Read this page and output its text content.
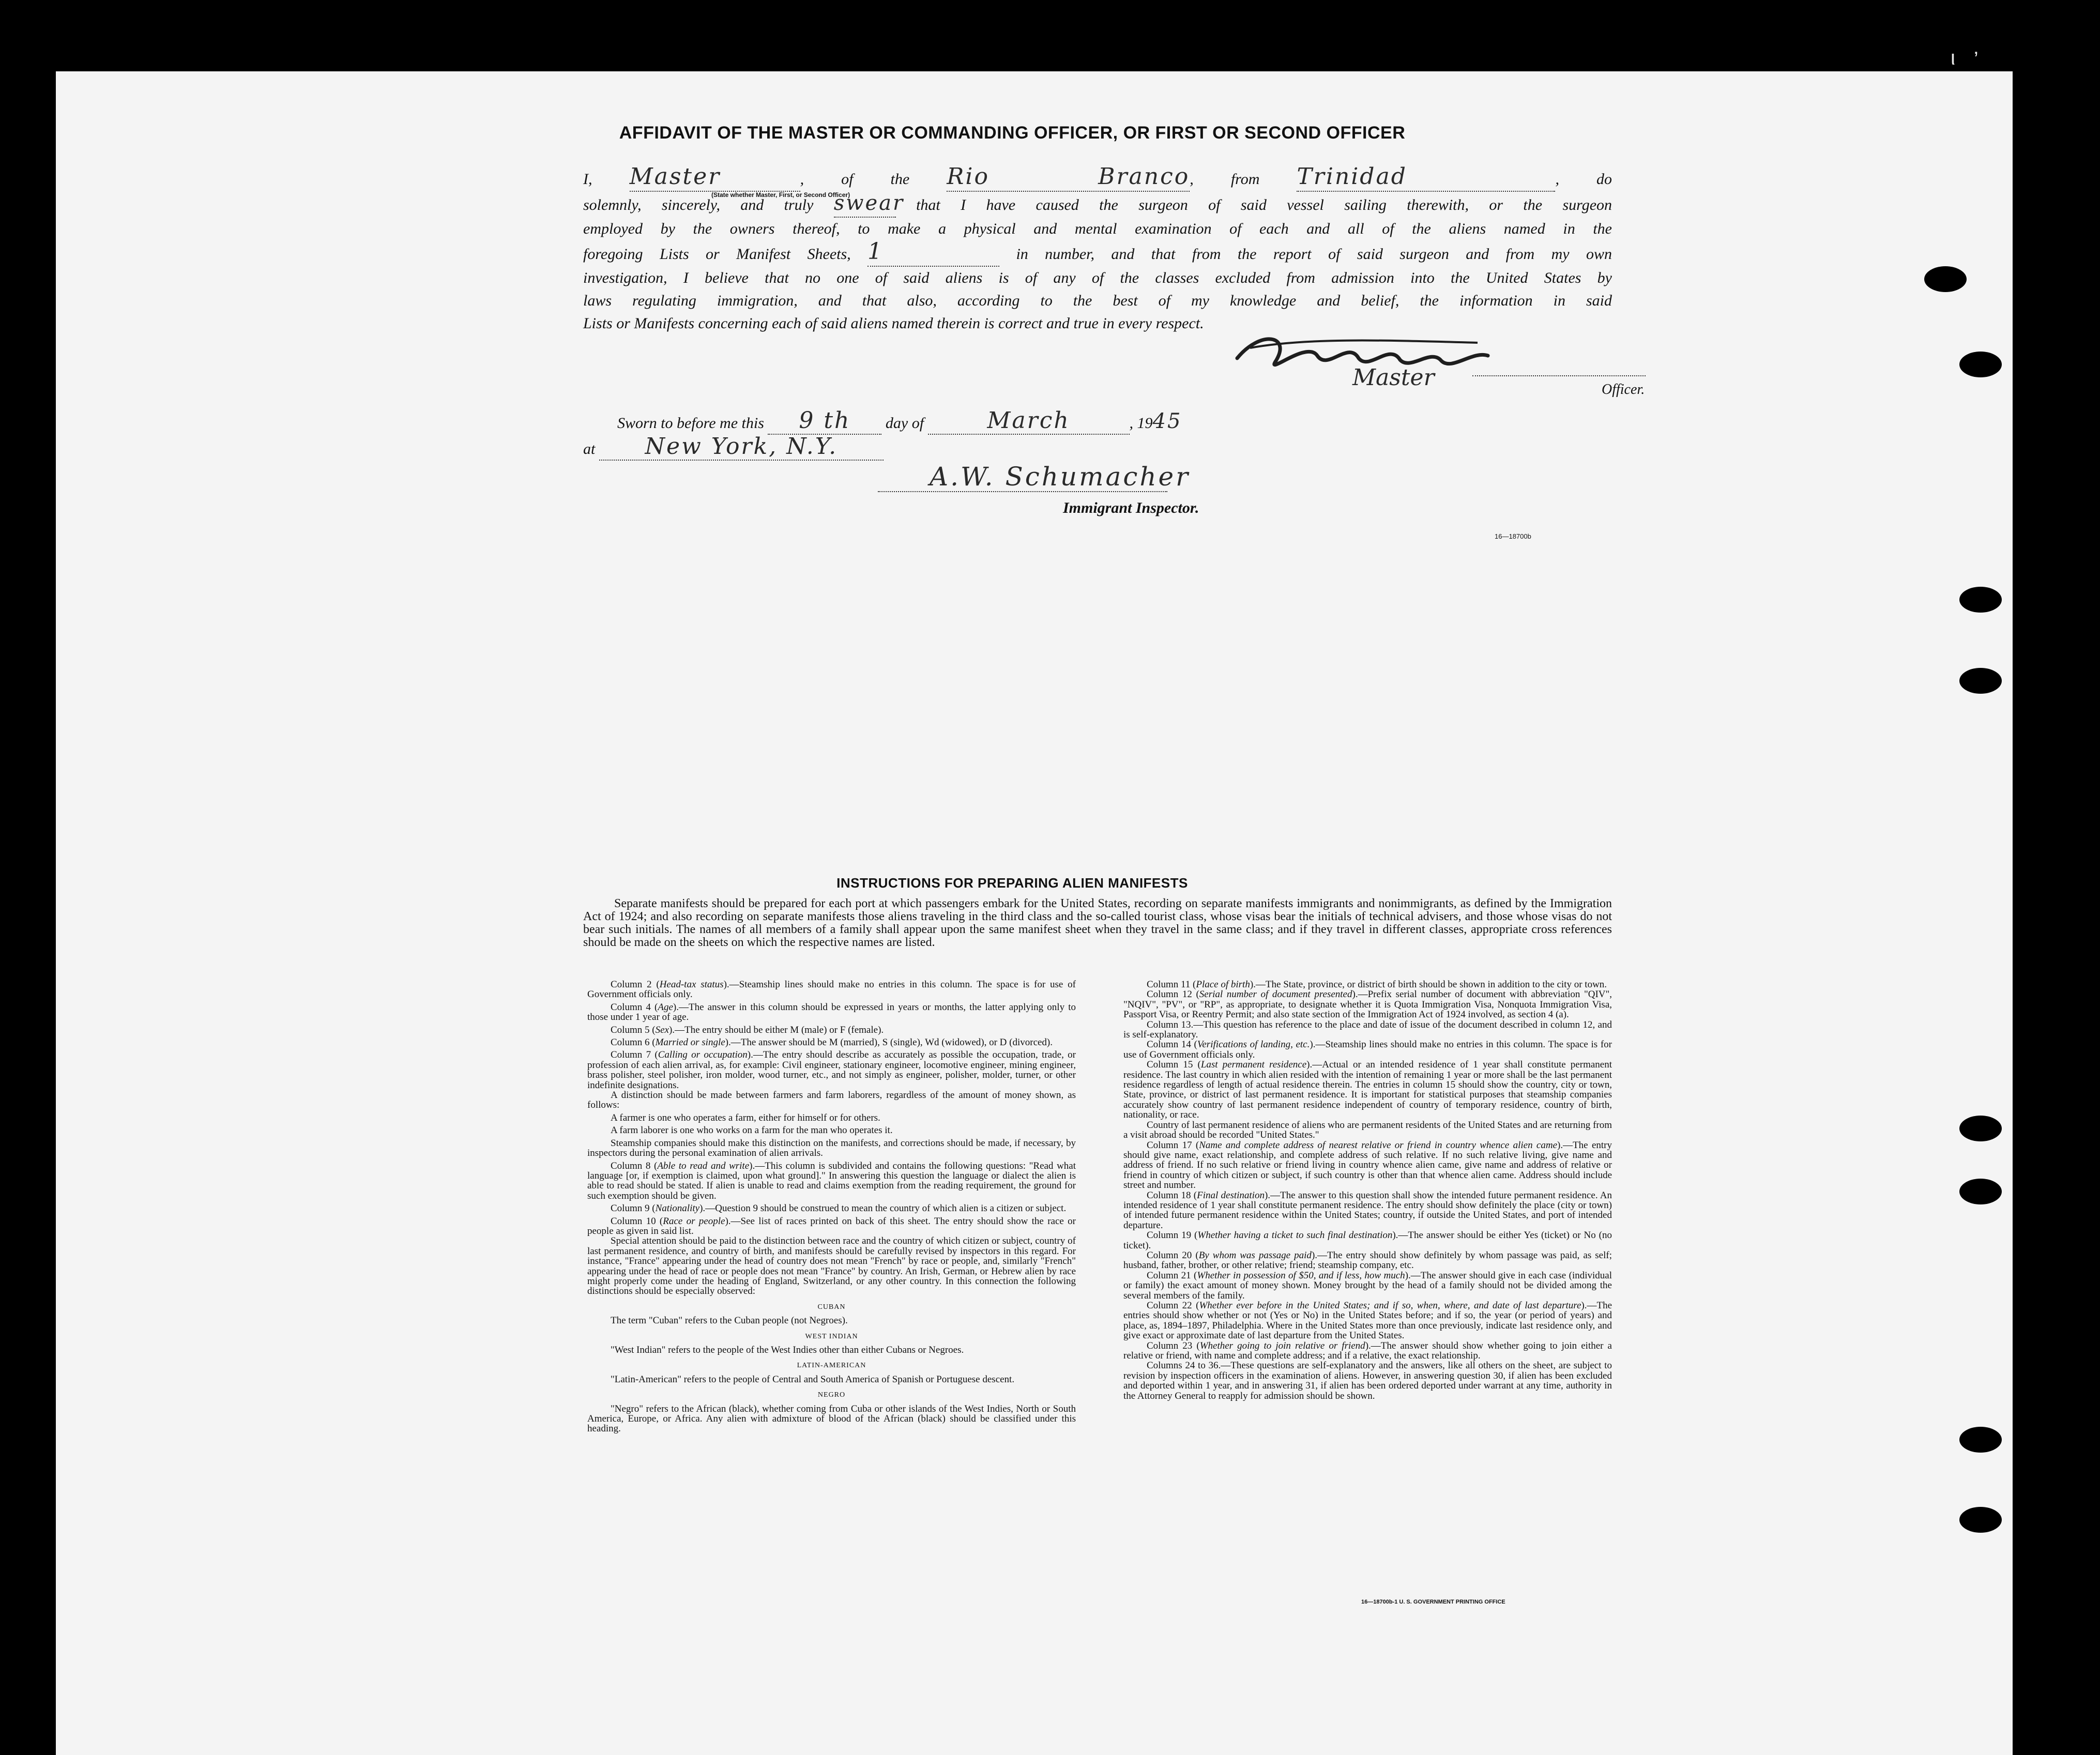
ι ʼ
AFFIDAVIT OF THE MASTER OR COMMANDING OFFICER, OR FIRST OR SECOND OFFICER

I, Master	, of the Rio Branco, from Trinidad	, do

solemnly, sincerely, and truly swear that I have caused the surgeon of said vessel sailing therewith, or the surgeon

employed by the owners thereof, to make a physical and mental examination of each and all of the aliens named in the

foregoing Lists or Manifest Sheets, 1	in number, and that from the report of said surgeon and from my own

investigation, I believe that no one of said aliens is of any of the classes excluded from admission into the United States by

laws regulating immigration, and that also, according to the best of my knowledge and belief, the information in said

Lists or Manifests concerning each of said aliens named therein is correct and true in every respect.

(State whether Master, First, or Second Officer)
Master	Officer.
Sworn to before me this 9 th day of	March	, 1945
at New York, N.Y.
A.W. Schumacher
Immigrant Inspector.
16—18700b
INSTRUCTIONS FOR PREPARING ALIEN MANIFESTS

Separate manifests should be prepared for each port at which passengers embark for the United States, recording on separate manifests immigrants and nonimmigrants, as defined by the Immigration Act of 1924; and also recording on separate manifests those aliens traveling in the third class and the so-called tourist class, whose visas bear the initials of technical advisers, and those whose visas do not bear such initials. The names of all members of a family shall appear upon the same manifest sheet when they travel in the same class; and if they travel in different classes, appropriate cross references should be made on the sheets on which the respective names are listed.

Column 2 (Head-tax status).—Steamship lines should make no entries in this column. The space is for use of Government officials only.

Column 4 (Age).—The answer in this column should be expressed in years or months, the latter applying only to those under 1 year of age.

Column 5 (Sex).—The entry should be either M (male) or F (female).

Column 6 (Married or single).—The answer should be M (married), S (single), Wd (widowed), or D (divorced).

Column 7 (Calling or occupation).—The entry should describe as accurately as possible the occupation, trade, or profession of each alien arrival, as, for example: Civil engineer, stationary engineer, locomotive engineer, mining engineer, brass polisher, steel polisher, iron molder, wood turner, etc., and not simply as engineer, polisher, molder, turner, or other indefinite designations.

A distinction should be made between farmers and farm laborers, regardless of the amount of money shown, as follows:

A farmer is one who operates a farm, either for himself or for others.

A farm laborer is one who works on a farm for the man who operates it.

Steamship companies should make this distinction on the manifests, and corrections should be made, if necessary, by inspectors during the personal examination of alien arrivals.

Column 8 (Able to read and write).—This column is subdivided and contains the following questions: "Read what language [or, if exemption is claimed, upon what ground]." In answering this question the language or dialect the alien is able to read should be stated. If alien is unable to read and claims exemption from the reading requirement, the ground for such exemption should be given.

Column 9 (Nationality).—Question 9 should be construed to mean the country of which alien is a citizen or subject.

Column 10 (Race or people).—See list of races printed on back of this sheet. The entry should show the race or people as given in said list.

Special attention should be paid to the distinction between race and the country of which citizen or subject, country of last permanent residence, and country of birth, and manifests should be carefully revised by inspectors in this regard. For instance, "France" appearing under the head of country does not mean "French" by race or people, and, similarly "French" appearing under the head of race or people does not mean "France" by country. An Irish, German, or Hebrew alien by race might properly come under the heading of England, Switzerland, or any other country. In this connection the following distinctions should be especially observed:

CUBAN

The term "Cuban" refers to the Cuban people (not Negroes).

WEST INDIAN

"West Indian" refers to the people of the West Indies other than either Cubans or Negroes.

LATIN-AMERICAN

"Latin-American" refers to the people of Central and South America of Spanish or Portuguese descent.

NEGRO

"Negro" refers to the African (black), whether coming from Cuba or other islands of the West Indies, North or South America, Europe, or Africa. Any alien with admixture of blood of the African (black) should be classified under this heading.

Column 11 (Place of birth).—The State, province, or district of birth should be shown in addition to the city or town.

Column 12 (Serial number of document presented).—Prefix serial number of document with abbreviation "QIV", "NQIV", "PV", or "RP", as appropriate, to designate whether it is Quota Immigration Visa, Nonquota Immigration Visa, Passport Visa, or Reentry Permit; and also state section of the Immigration Act of 1924 involved, as section 4 (a).

Column 13.—This question has reference to the place and date of issue of the document described in column 12, and is self-explanatory.

Column 14 (Verifications of landing, etc.).—Steamship lines should make no entries in this column. The space is for use of Government officials only.

Column 15 (Last permanent residence).—Actual or an intended residence of 1 year shall constitute permanent residence. The last country in which alien resided with the intention of remaining 1 year or more shall be the last permanent residence regardless of length of actual residence therein. The entries in column 15 should show the country, city or town, State, province, or district of last permanent residence. It is important for statistical purposes that steamship companies accurately show country of last permanent residence independent of country of temporary residence, country of birth, nationality, or race.

Country of last permanent residence of aliens who are permanent residents of the United States and are returning from a visit abroad should be recorded "United States."

Column 17 (Name and complete address of nearest relative or friend in country whence alien came).—The entry should give name, exact relationship, and complete address of such relative. If no such relative living, give name and address of friend. If no such relative or friend living in country whence alien came, give name and address of relative or friend in country of which citizen or subject, if such country is other than that whence alien came. Address should include street and number.

Column 18 (Final destination).—The answer to this question shall show the intended future permanent residence. An intended residence of 1 year shall constitute permanent residence. The entry should show definitely the place (city or town) of intended future permanent residence within the United States; country, if outside the United States, and port of intended departure.

Column 19 (Whether having a ticket to such final destination).—The answer should be either Yes (ticket) or No (no ticket).

Column 20 (By whom was passage paid).—The entry should show definitely by whom passage was paid, as self; husband, father, brother, or other relative; friend; steamship company, etc.

Column 21 (Whether in possession of $50, and if less, how much).—The answer should give in each case (individual or family) the exact amount of money shown. Money brought by the head of a family should not be divided among the several members of the family.

Column 22 (Whether ever before in the United States; and if so, when, where, and date of last departure).—The entries should show whether or not (Yes or No) in the United States before; and if so, the year (or period of years) and place, as, 1894–1897, Philadelphia. Where in the United States more than once previously, indicate last residence only, and give exact or approximate date of last departure from the United States.

Column 23 (Whether going to join relative or friend).—The answer should show whether going to join either a relative or friend, with name and complete address; and if a relative, the exact relationship.

Columns 24 to 36.—These questions are self-explanatory and the answers, like all others on the sheet, are subject to revision by inspection officers in the examination of aliens. However, in answering question 30, if alien has been excluded and deported within 1 year, and in answering 31, if alien has been ordered deported under warrant at any time, authority in the Attorney General to reapply for admission should be shown.

16—18700b-1 U. S. GOVERNMENT PRINTING OFFICE
